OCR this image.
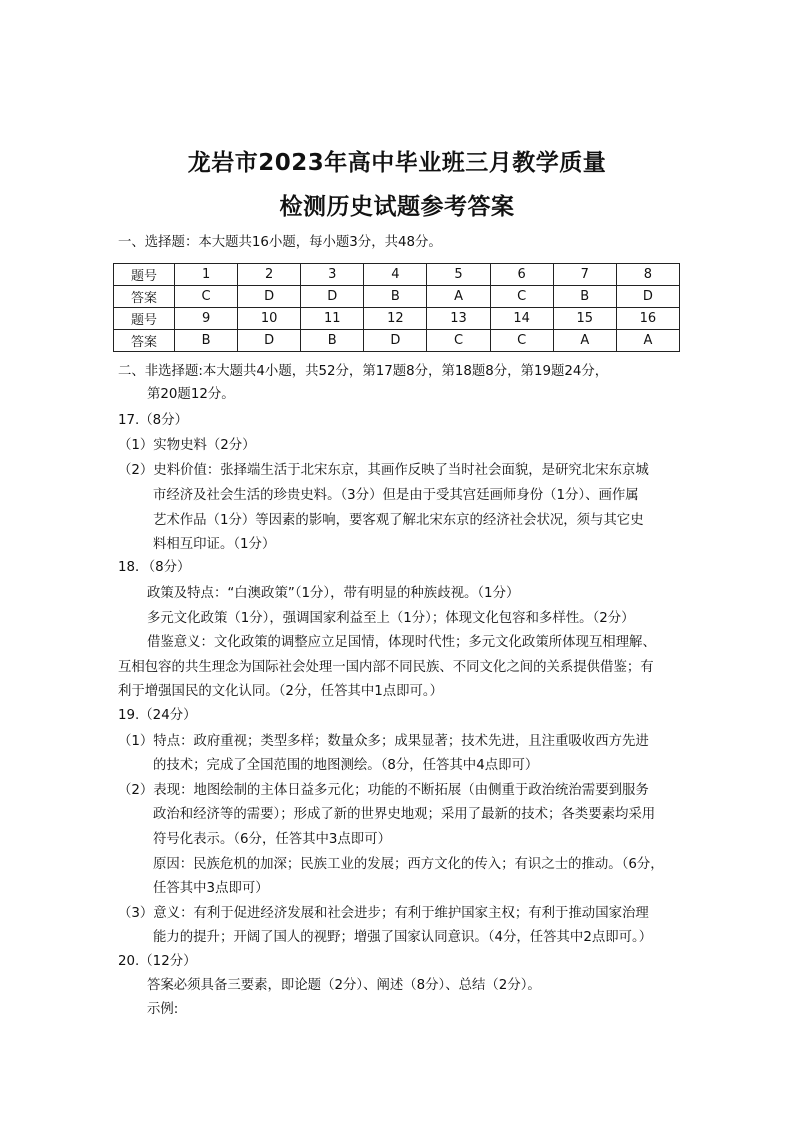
龙岩市2023年高中毕业班三月教学质量
检测历史试题参考答案
一、选择题：本大题共16小题，每小题3分，共48分。
题号	1	2	3	4	5	6	7	8
答案	C	D	D	B	A	C	B	D
题号	9	10	11	12	13	14	15	16
答案	B	D	B	D	C	C	A	A
二、非选择题:本大题共4小题，共52分，第17题8分，第18题8分，第19题24分，
第20题12分。
17.（8分）
（1）实物史料（2分）
（2）史料价值：张择端生活于北宋东京，其画作反映了当时社会面貌，是研究北宋东京城
市经济及社会生活的珍贵史料。（3分）但是由于受其宫廷画师身份（1分）、画作属
艺术作品（1分）等因素的影响，要客观了解北宋东京的经济社会状况，须与其它史
料相互印证。（1分）
18．（8分）
政策及特点：“白澳政策”（1分），带有明显的种族歧视。（1分）
多元文化政策（1分），强调国家利益至上（1分）；体现文化包容和多样性。（2分）
借鉴意义：文化政策的调整应立足国情，体现时代性；多元文化政策所体现互相理解、
互相包容的共生理念为国际社会处理一国内部不同民族、不同文化之间的关系提供借鉴；有
利于增强国民的文化认同。（2分，任答其中1点即可。）
19.（24分）
（1）特点：政府重视；类型多样；数量众多；成果显著；技术先进，且注重吸收西方先进
的技术；完成了全国范围的地图测绘。（8分，任答其中4点即可）
（2）表现：地图绘制的主体日益多元化；功能的不断拓展（由侧重于政治统治需要到服务
政治和经济等的需要）；形成了新的世界史地观；采用了最新的技术；各类要素均采用
符号化表示。（6分，任答其中3点即可）
原因：民族危机的加深；民族工业的发展；西方文化的传入；有识之士的推动。（6分，
任答其中3点即可）
（3）意义：有利于促进经济发展和社会进步；有利于维护国家主权；有利于推动国家治理
能力的提升；开阔了国人的视野；增强了国家认同意识。（4分，任答其中2点即可。）
20.（12分）
答案必须具备三要素，即论题（2分）、阐述（8分）、总结（2分）。
示例:
